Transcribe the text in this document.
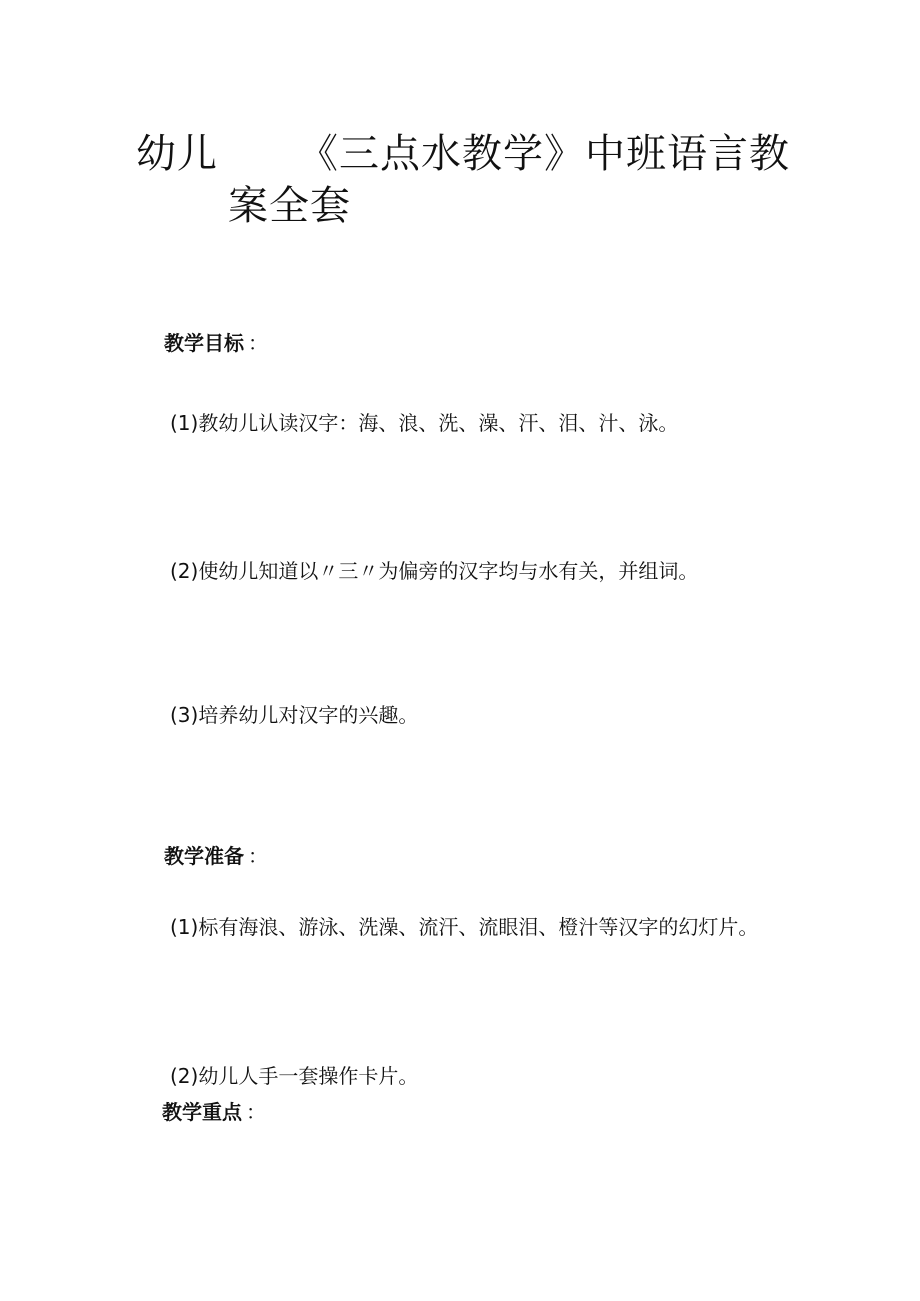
幼儿 《三点水教学》中班语言教
案全套
教学目标 ：
(1)教幼儿认读汉字：海、浪、洗、澡、汗、泪、汁、泳。
(2)使幼儿知道以〃三〃为偏旁的汉字均与水有关，并组词。
(3)培养幼儿对汉字的兴趣。
教学准备 ：
(1)标有海浪、游泳、洗澡、流汗、流眼泪、橙汁等汉字的幻灯片。
(2)幼儿人手一套操作卡片。
教学重点 ：
